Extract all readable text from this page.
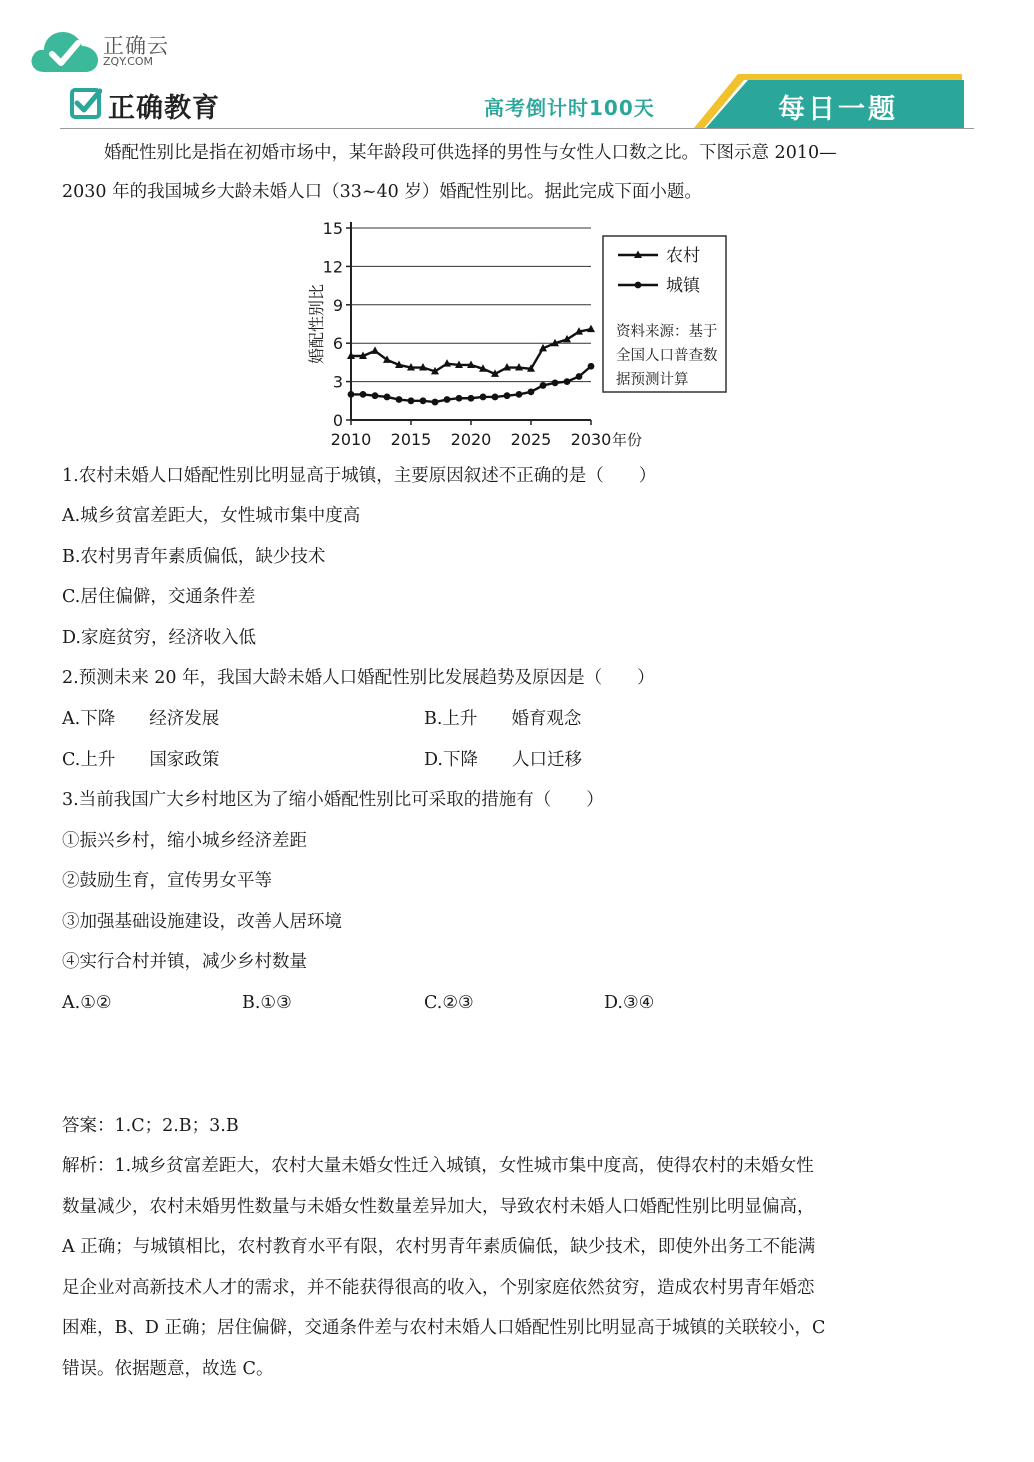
正确云
ZQY.COM
正确教育	高考倒计时100天	每日一题
婚配性别比是指在初婚市场中，某年龄段可供选择的男性与女性人口数之比。下图示意 2010—
2030 年的我国城乡大龄未婚人口（33~40 岁）婚配性别比。据此完成下面小题。
0
3
6
9
12
15
2010 2015 2020 2025 2030
婚配性别比
年份
农村
城镇
资料来源：基于
全国人口普查数
据预测计算
1.农村未婚人口婚配性别比明显高于城镇，主要原因叙述不正确的是（　　）
A.城乡贫富差距大，女性城市集中度高
B.农村男青年素质偏低，缺少技术
C.居住偏僻，交通条件差
D.家庭贫穷，经济收入低
2.预测未来 20 年，我国大龄未婚人口婚配性别比发展趋势及原因是（　　）
A.下降 经济发展	B.上升 婚育观念
C.上升 国家政策	D.下降 人口迁移
3.当前我国广大乡村地区为了缩小婚配性别比可采取的措施有（　　）
①振兴乡村，缩小城乡经济差距
②鼓励生育，宣传男女平等
③加强基础设施建设，改善人居环境
④实行合村并镇，减少乡村数量
A.①②	B.①③	C.②③	D.③④
答案：1.C；2.B；3.B
解析：1.城乡贫富差距大，农村大量未婚女性迁入城镇，女性城市集中度高，使得农村的未婚女性
数量减少，农村未婚男性数量与未婚女性数量差异加大，导致农村未婚人口婚配性别比明显偏高，
A 正确；与城镇相比，农村教育水平有限，农村男青年素质偏低，缺少技术，即使外出务工不能满
足企业对高新技术人才的需求，并不能获得很高的收入，个别家庭依然贫穷，造成农村男青年婚恋
困难，B、D 正确；居住偏僻，交通条件差与农村未婚人口婚配性别比明显高于城镇的关联较小，C
错误。依据题意，故选 C。
